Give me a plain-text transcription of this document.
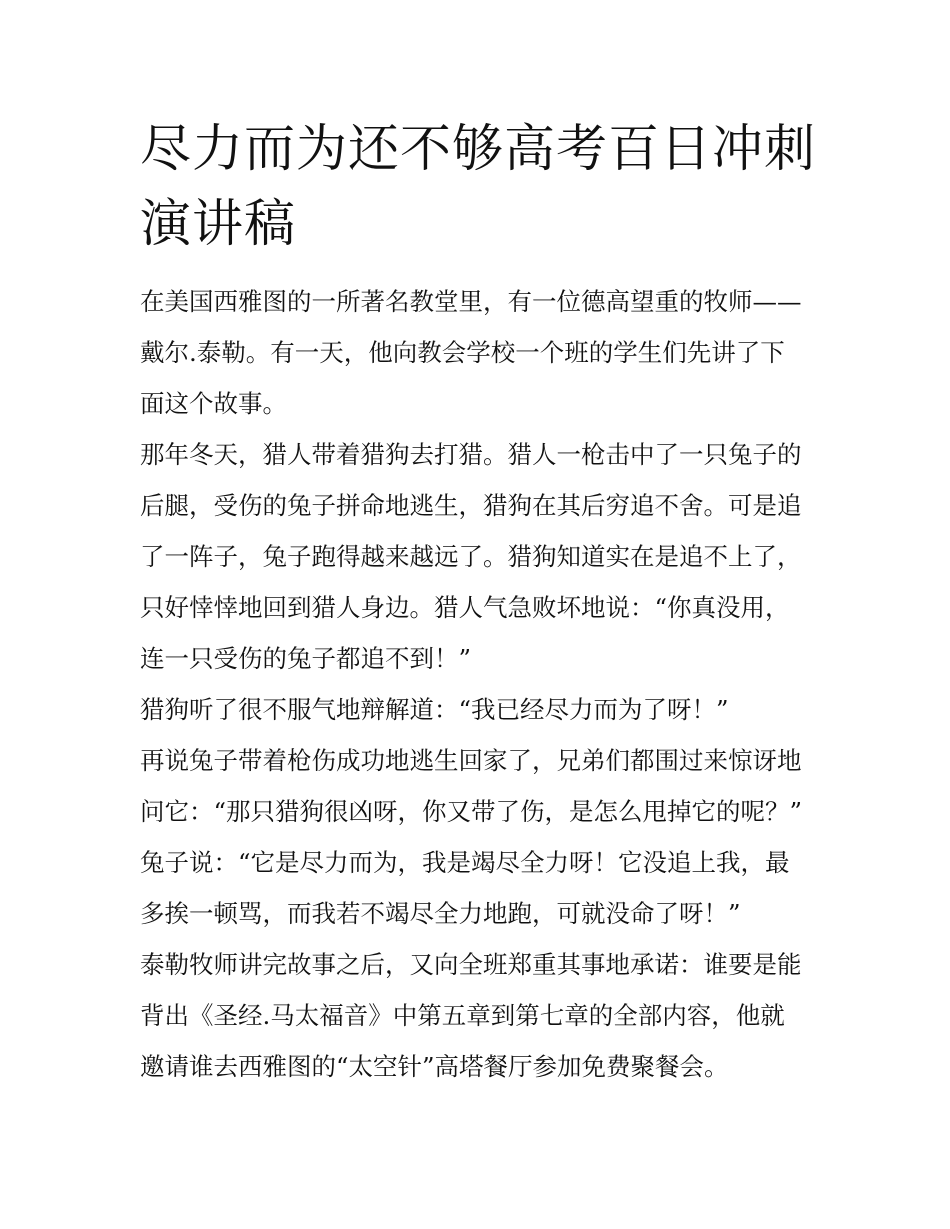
尽力而为还不够高考百日冲刺
演讲稿
在美国西雅图的一所著名教堂里，有一位德高望重的牧师——
戴尔.泰勒。有一天，他向教会学校一个班的学生们先讲了下
面这个故事。
那年冬天，猎人带着猎狗去打猎。猎人一枪击中了一只兔子的
后腿，受伤的兔子拼命地逃生，猎狗在其后穷追不舍。可是追
了一阵子，兔子跑得越来越远了。猎狗知道实在是追不上了，
只好悻悻地回到猎人身边。猎人气急败坏地说：“你真没用，
连一只受伤的兔子都追不到！”
猎狗听了很不服气地辩解道：“我已经尽力而为了呀！”
再说兔子带着枪伤成功地逃生回家了，兄弟们都围过来惊讶地
问它：“那只猎狗很凶呀，你又带了伤，是怎么甩掉它的呢？”
兔子说：“它是尽力而为，我是竭尽全力呀！它没追上我，最
多挨一顿骂，而我若不竭尽全力地跑，可就没命了呀！”
泰勒牧师讲完故事之后，又向全班郑重其事地承诺：谁要是能
背出《圣经.马太福音》中第五章到第七章的全部内容，他就
邀请谁去西雅图的“太空针”高塔餐厅参加免费聚餐会。
